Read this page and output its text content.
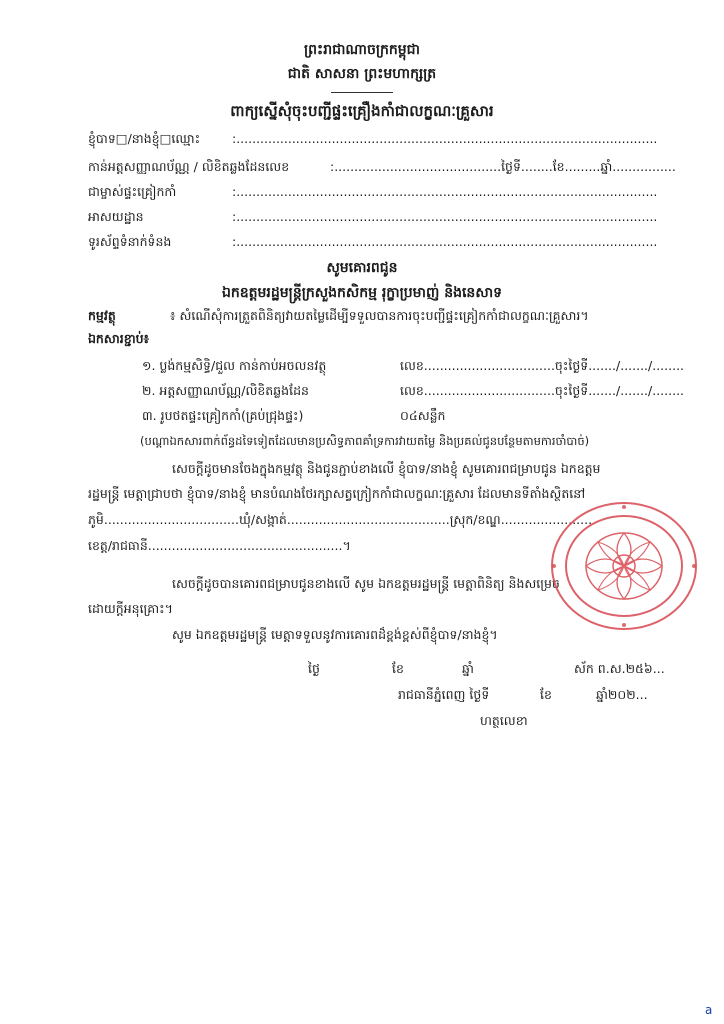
ព្រះរាជាណាចក្រកម្ពុជា
ជាតិ សាសនា ព្រះមហាក្សត្រ
ពាក្យស្នើសុំចុះបញ្ជីផ្ទះគ្រឿងកាំជាលក្ខណៈគ្រួសារ
ខ្ញុំបាទ□/នាងខ្ញុំ□ឈ្មោះ	:..........................................................................................................
កាន់អត្តសញ្ញាណប័ណ្ណ / លិខិតឆ្លងដែនលេខ	:..........................................ថ្ងៃទី........ខែ.........ឆ្នាំ................
ជាម្ចាស់ផ្ទះគ្រៀកកាំ	:..........................................................................................................
អាសយដ្ឋាន	:..........................................................................................................
ទូរស័ព្ទទំនាក់ទំនង	:..........................................................................................................
សូមគោរពជូន
ឯកឧត្តមរដ្ឋមន្ត្រីក្រសួងកសិកម្ម រុក្ខាប្រមាញ់ និងនេសាទ
កម្មវត្ថុ	៖ សំណើសុំការត្រួតពិនិត្យវាយតម្លៃដើម្បីទទួលបានការចុះបញ្ជីផ្ទះគ្រៀកកាំជាលក្ខណៈគ្រួសារ។
ឯកសារខ្ជាប់៖
១. ប្លង់កម្មសិទ្ធិ/ជួល កាន់កាប់អចលនវត្ថុ	លេខ.................................ចុះថ្ងៃទី......./......./........
២. អត្តសញ្ញាណប័ណ្ណ/លិខិតឆ្លងដែន	លេខ.................................ចុះថ្ងៃទី......./......./........
៣. រូបថតផ្ទះគ្រៀកកាំ(គ្រប់ជ្រុងផ្ទះ)	០៤សន្លឹក
(បណ្ដាឯកសារពាក់ព័ន្ធដទៃទៀតដែលមានប្រសិទ្ធភាពគាំទ្រការវាយតម្លៃ និងប្រគល់ជូនបន្ថែមតាមការចាំបាច់)
សេចក្ដីដូចមានចែងក្នុងកម្មវត្ថុ និងជូនភ្ជាប់ខាងលើ ខ្ញុំបាទ/នាងខ្ញុំ សូមគោរពជម្រាបជូន ឯកឧត្តម
រដ្ឋមន្ត្រី មេត្តាជ្រាបថា ខ្ញុំបាទ/នាងខ្ញុំ មានបំណងថែរក្សាសត្វក្រៀកកាំជាលក្ខណៈគ្រួសារ ដែលមានទីតាំងស្ថិតនៅ
ភូមិ..................................ឃុំ/សង្កាត់.........................................ស្រុក/ខណ្ឌ.......................
ខេត្ត/រាជធានី.................................................។
សេចក្ដីដូចបានគោរពជម្រាបជូនខាងលើ សូម ឯកឧត្តមរដ្ឋមន្ត្រី មេត្តាពិនិត្យ និងសម្រេច
ដោយក្ដីអនុគ្រោះ។
សូម ឯកឧត្តមរដ្ឋមន្ត្រី មេត្តាទទួលនូវការគោរពដ៏ខ្ពង់ខ្ពស់ពីខ្ញុំបាទ/នាងខ្ញុំ។
ថ្ងៃ	ខែ	ឆ្នាំ	ស័ក ព.ស.២៥៦...
រាជធានីភ្នំពេញ ថ្ងៃទី	ខែ	ឆ្នាំ២០២...
ហត្ថលេខា
a
